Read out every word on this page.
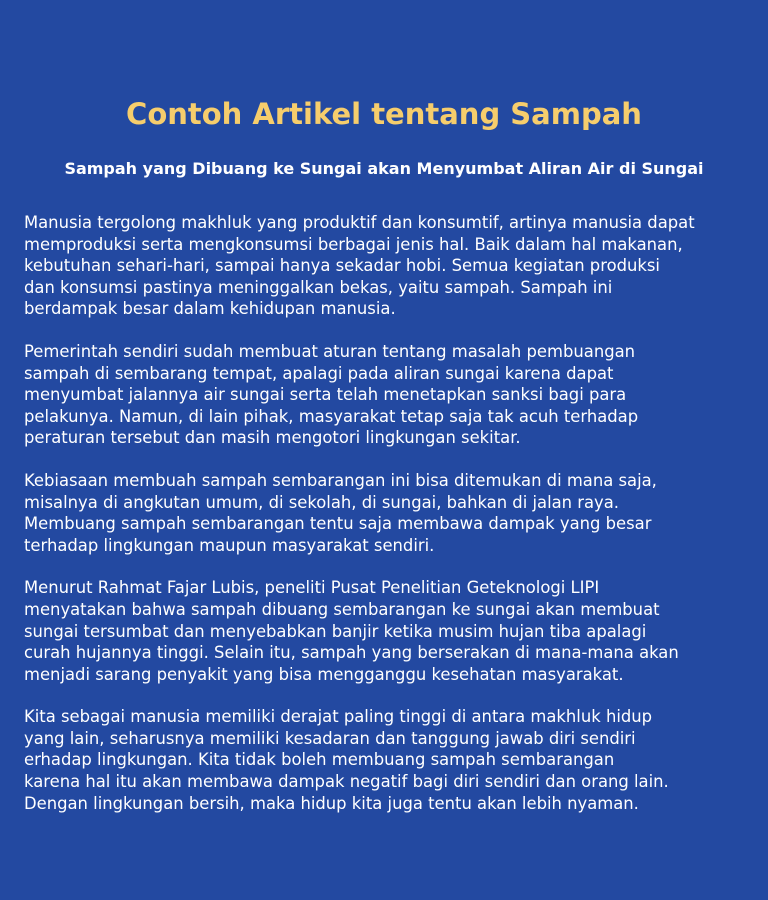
Contoh Artikel tentang Sampah
Sampah yang Dibuang ke Sungai akan Menyumbat Aliran Air di Sungai

Manusia tergolong makhluk yang produktif dan konsumtif, artinya manusia dapat
memproduksi serta mengkonsumsi berbagai jenis hal. Baik dalam hal makanan,
kebutuhan sehari-hari, sampai hanya sekadar hobi. Semua kegiatan produksi
dan konsumsi pastinya meninggalkan bekas, yaitu sampah. Sampah ini
berdampak besar dalam kehidupan manusia.

Pemerintah sendiri sudah membuat aturan tentang masalah pembuangan
sampah di sembarang tempat, apalagi pada aliran sungai karena dapat
menyumbat jalannya air sungai serta telah menetapkan sanksi bagi para
pelakunya. Namun, di lain pihak, masyarakat tetap saja tak acuh terhadap
peraturan tersebut dan masih mengotori lingkungan sekitar.

Kebiasaan membuah sampah sembarangan ini bisa ditemukan di mana saja,
misalnya di angkutan umum, di sekolah, di sungai, bahkan di jalan raya.
Membuang sampah sembarangan tentu saja membawa dampak yang besar
terhadap lingkungan maupun masyarakat sendiri.

Menurut Rahmat Fajar Lubis, peneliti Pusat Penelitian Geteknologi LIPI
menyatakan bahwa sampah dibuang sembarangan ke sungai akan membuat
sungai tersumbat dan menyebabkan banjir ketika musim hujan tiba apalagi
curah hujannya tinggi. Selain itu, sampah yang berserakan di mana-mana akan
menjadi sarang penyakit yang bisa mengganggu kesehatan masyarakat.

Kita sebagai manusia memiliki derajat paling tinggi di antara makhluk hidup
yang lain, seharusnya memiliki kesadaran dan tanggung jawab diri sendiri
erhadap lingkungan. Kita tidak boleh membuang sampah sembarangan
karena hal itu akan membawa dampak negatif bagi diri sendiri dan orang lain.
Dengan lingkungan bersih, maka hidup kita juga tentu akan lebih nyaman.
